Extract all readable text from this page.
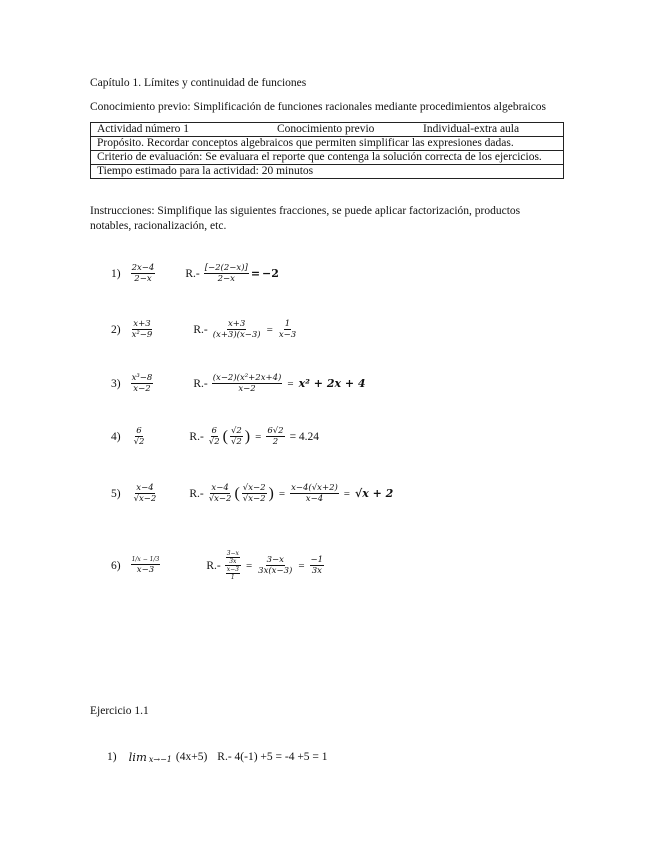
Capítulo 1. Límites y continuidad de funciones
Conocimiento previo: Simplificación de funciones racionales mediante procedimientos algebraicos
Actividad número 1	Conocimiento previo	Individual-extra aula

Propósito. Recordar conceptos algebraicos que permiten simplificar las expresiones dadas.
Criterio de evaluación: Se evaluara el reporte que contenga la solución correcta de los ejercicios.
Tiempo estimado para la actividad: 20 minutos
Instrucciones: Simplifique las siguientes fracciones, se puede aplicar factorización, productos notables, racionalización, etc.
$1) \frac{2x-4}{2-x}$	$R.- \frac{[-2(2-x)]}{2-x} = -2$
$2) \frac{x+3}{\text{x²−9}}$	$R.- \frac{x+3}{(x+3)(x-3)} = \frac{1}{x-3}$
$3) \frac{\text{x³−8}}{x-2}$	$R.- \frac{\text{(x−2)(x²+2x+4)}}{x-2} = x^2 + 2x + 4$
$4) \frac{6}{√2}$	$R.- \frac{6}{√2}$ ( $\frac{√2}{√2}$ ) = $\frac{6√2}{2} = 4.24$
$5) \frac{x-4}{√x-2}$	$R.- \frac{x-4}{√x-2}$ ( $\frac{√x-2}{√x-2}$ ) = $\frac{x-4(√x+2)}{x-4} = √x + 2$
$6) \frac{1/x - 1/3}{x-3}$	$R.- \frac{\frac{3-x}{3x}}{\frac{x-3}{1}} = \frac{3-x}{3x(x-3)} = \frac{-1}{3x}$
Ejercicio 1.1
1) lim x→−1 (4x+5) R.- 4(-1) +5 = -4 +5 = 1
